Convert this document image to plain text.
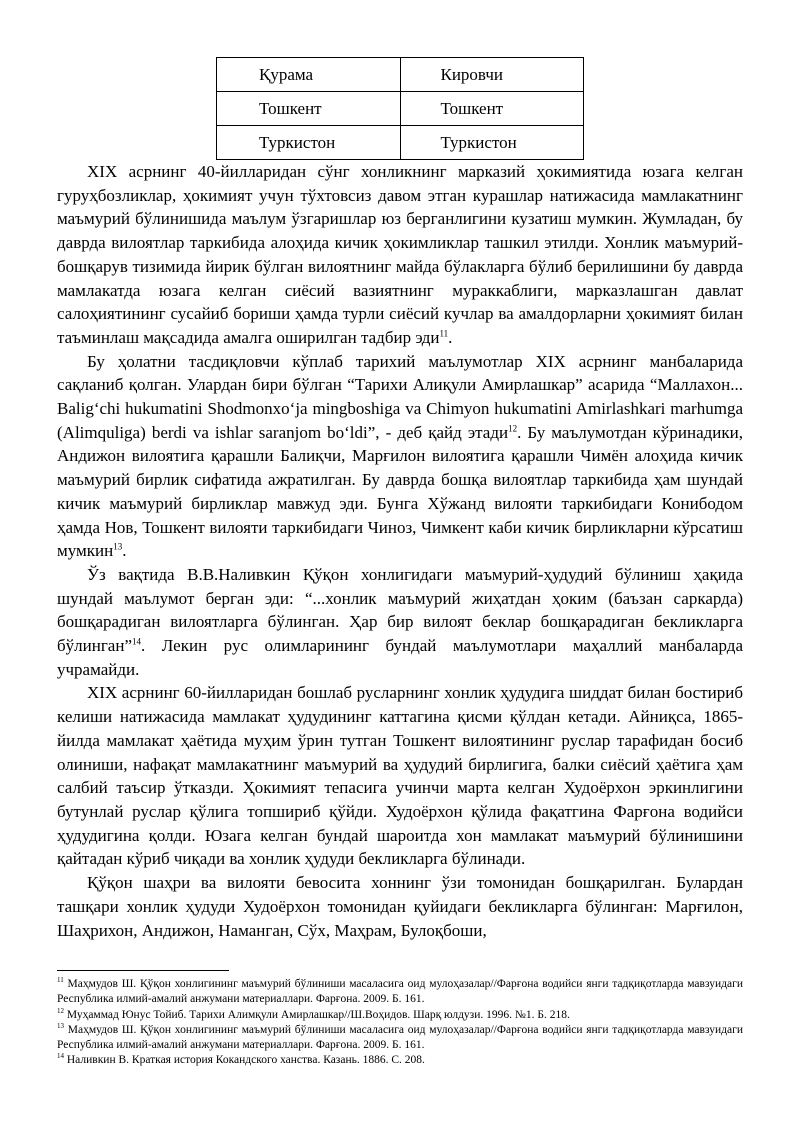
Қурама	Кировчи
Тошкент	Тошкент
Туркистон	Туркистон

XIX асрнинг 40-йилларидан сўнг хонликнинг марказий ҳокимиятида юзага келган гуруҳбозликлар, ҳокимият учун тўхтовсиз давом этган курашлар натижасида мамлакатнинг маъмурий бўлинишида маълум ўзгаришлар юз берганлигини кузатиш мумкин. Жумладан, бу даврда вилоятлар таркибида алоҳида кичик ҳокимликлар ташкил этилди. Хонлик маъмурий-бошқарув тизимида йирик бўлган вилоятнинг майда бўлакларга бўлиб берилишини бу даврда мамлакатда юзага келган сиёсий вазиятнинг мураккаблиги, марказлашган давлат салоҳиятининг сусайиб бориши ҳамда турли сиёсий кучлар ва амалдорларни ҳокимият билан таъминлаш мақсадида амалга оширилган тадбир эди$^{11}$.

Бу ҳолатни тасдиқловчи кўплаб тарихий маълумотлар XIX асрнинг манбаларида сақланиб қолган. Улардан бири бўлган “Тарихи Алиқули Амирлашкар” асарида “Маллахон... Baligʻchi hukumatini Shodmonxoʻja mingboshiga va Chimyon hukumatini Amirlashkari marhumga (Alimquliga) berdi va ishlar saranjom boʻldi”, - деб қайд этади$^{12}$. Бу маълумотдан кўринадики, Андижон вилоятига қарашли Балиқчи, Марғилон вилоятига қарашли Чимён алоҳида кичик маъмурий бирлик сифатида ажратилган. Бу даврда бошқа вилоятлар таркибида ҳам шундай кичик маъмурий бирликлар мавжуд эди. Бунга Хўжанд вилояти таркибидаги Конибодом ҳамда Нов, Тошкент вилояти таркибидаги Чиноз, Чимкент каби кичик бирликларни кўрсатиш мумкин$^{13}$.

Ўз вақтида В.В.Наливкин Қўқон хонлигидаги маъмурий-ҳудудий бўлиниш ҳақида шундай маълумот берган эди: “...хонлик маъмурий жиҳатдан ҳоким (баъзан саркарда) бошқарадиган вилоятларга бўлинган. Ҳар бир вилоят беклар бошқарадиган бекликларга бўлинган”$^{14}$. Лекин рус олимларининг бундай маълумотлари маҳаллий манбаларда учрамайди.

XIX асрнинг 60-йилларидан бошлаб русларнинг хонлик ҳудудига шиддат билан бостириб келиши натижасида мамлакат ҳудудининг каттагина қисми қўлдан кетади. Айниқса, 1865-йилда мамлакат ҳаётида муҳим ўрин тутган Тошкент вилоятининг руслар тарафидан босиб олиниши, нафақат мамлакатнинг маъмурий ва ҳудудий бирлигига, балки сиёсий ҳаётига ҳам салбий таъсир ўтказди. Ҳокимият тепасига учинчи марта келган Худоёрхон эркинлигини бутунлай руслар қўлига топшириб қўйди. Худоёрхон қўлида фақатгина Фарғона водийси ҳудудигина қолди. Юзага келган бундай шароитда хон мамлакат маъмурий бўлинишини қайтадан кўриб чиқади ва хонлик ҳудуди бекликларга бўлинади.

Қўқон шаҳри ва вилояти бевосита хоннинг ўзи томонидан бошқарилган. Булардан ташқари хонлик ҳудуди Худоёрхон томонидан қуйидаги бекликларга бўлинган: Марғилон, Шаҳрихон, Андижон, Наманган, Сўх, Маҳрам, Булоқбоши,

$^{11}$ Маҳмудов Ш. Қўқон хонлигининг маъмурий бўлиниши масаласига оид мулоҳазалар//Фарғона водийси янги тадқиқотларда мавзуидаги Республика илмий-амалий анжумани материаллари. Фарғона. 2009. Б. 161.

$^{12}$ Муҳаммад Юнус Тойиб. Тарихи Алимқули Амирлашкар//Ш.Воҳидов. Шарқ юлдузи. 1996. №1. Б. 218.

$^{13}$ Маҳмудов Ш. Қўқон хонлигининг маъмурий бўлиниши масаласига оид мулоҳазалар//Фарғона водийси янги тадқиқотларда мавзуидаги Республика илмий-амалий анжумани материаллари. Фарғона. 2009. Б. 161.

$^{14}$ Наливкин В. Краткая история Кокандского ханства. Казань. 1886. С. 208.
